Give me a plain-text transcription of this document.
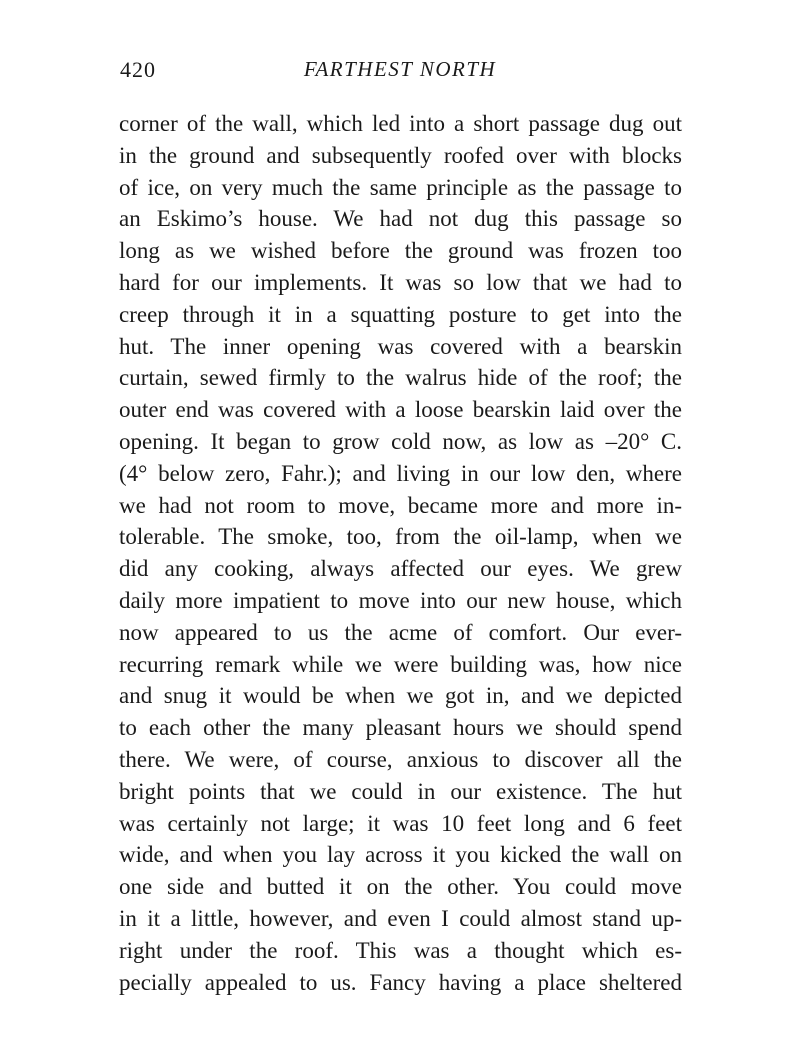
420	FARTHEST NORTH
corner of the wall, which led into a short passage dug out
in the ground and subsequently roofed over with blocks
of ice, on very much the same principle as the passage to
an Eskimo’s house. We had not dug this passage so
long as we wished before the ground was frozen too
hard for our implements. It was so low that we had to
creep through it in a squatting posture to get into the
hut. The inner opening was covered with a bearskin
curtain, sewed firmly to the walrus hide of the roof; the
outer end was covered with a loose bearskin laid over the
opening. It began to grow cold now, as low as –20° C.
(4° below zero, Fahr.); and living in our low den, where
we had not room to move, became more and more in-
tolerable. The smoke, too, from the oil-lamp, when we
did any cooking, always affected our eyes. We grew
daily more impatient to move into our new house, which
now appeared to us the acme of comfort. Our ever-
recurring remark while we were building was, how nice
and snug it would be when we got in, and we depicted
to each other the many pleasant hours we should spend
there. We were, of course, anxious to discover all the
bright points that we could in our existence. The hut
was certainly not large; it was 10 feet long and 6 feet
wide, and when you lay across it you kicked the wall on
one side and butted it on the other. You could move
in it a little, however, and even I could almost stand up-
right under the roof. This was a thought which es-
pecially appealed to us. Fancy having a place sheltered
